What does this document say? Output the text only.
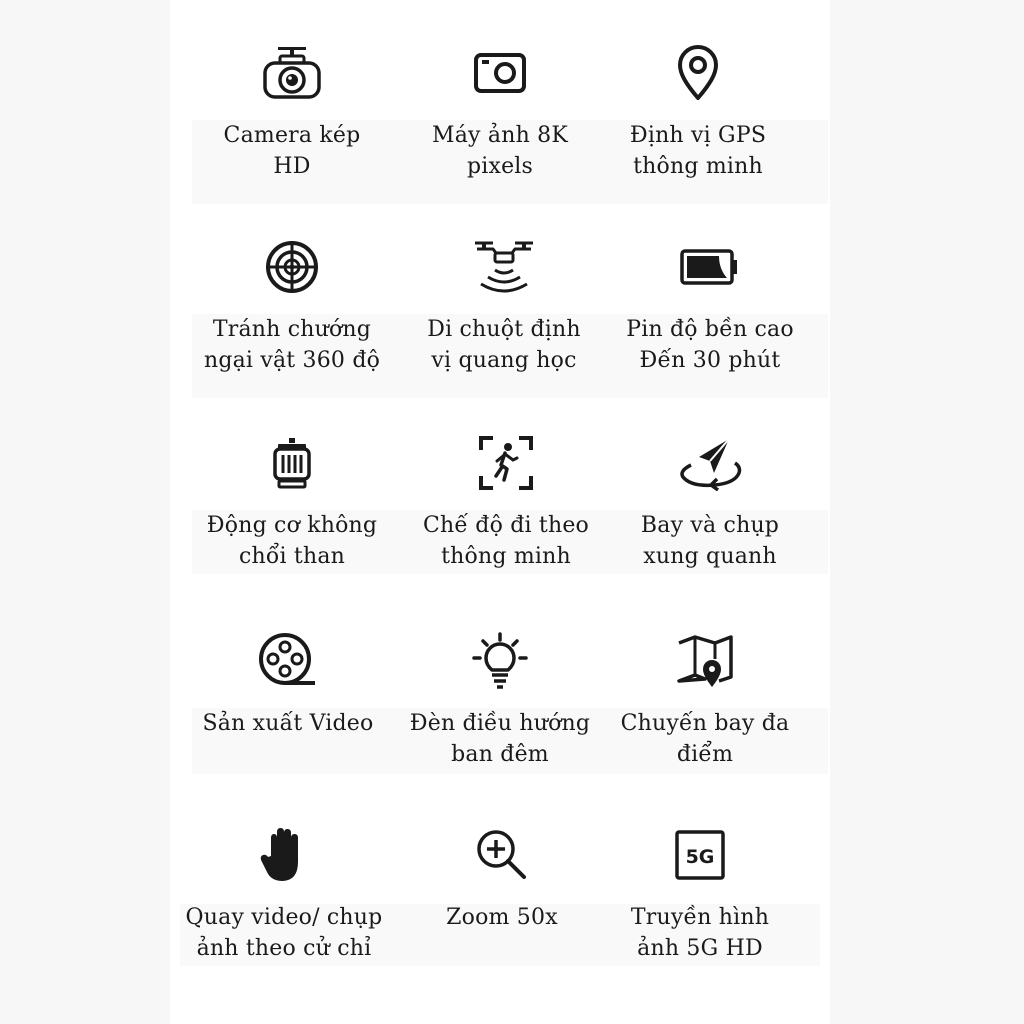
Camera kép
HD
Máy ảnh 8K
pixels
Định vị GPS
thông minh
Tránh chướng
ngại vật 360 độ
Di chuột định
vị quang học
Pin độ bền cao
Đến 30 phút
Động cơ không
chổi than
Chế độ đi theo
thông minh
Bay và chụp
xung quanh
Sản xuất Video	Đèn điều hướng
ban đêm
Chuyến bay đa
điểm
Quay video/ chụp
ảnh theo cử chỉ
Zoom 50x
5G
Truyền hình
ảnh 5G HD
